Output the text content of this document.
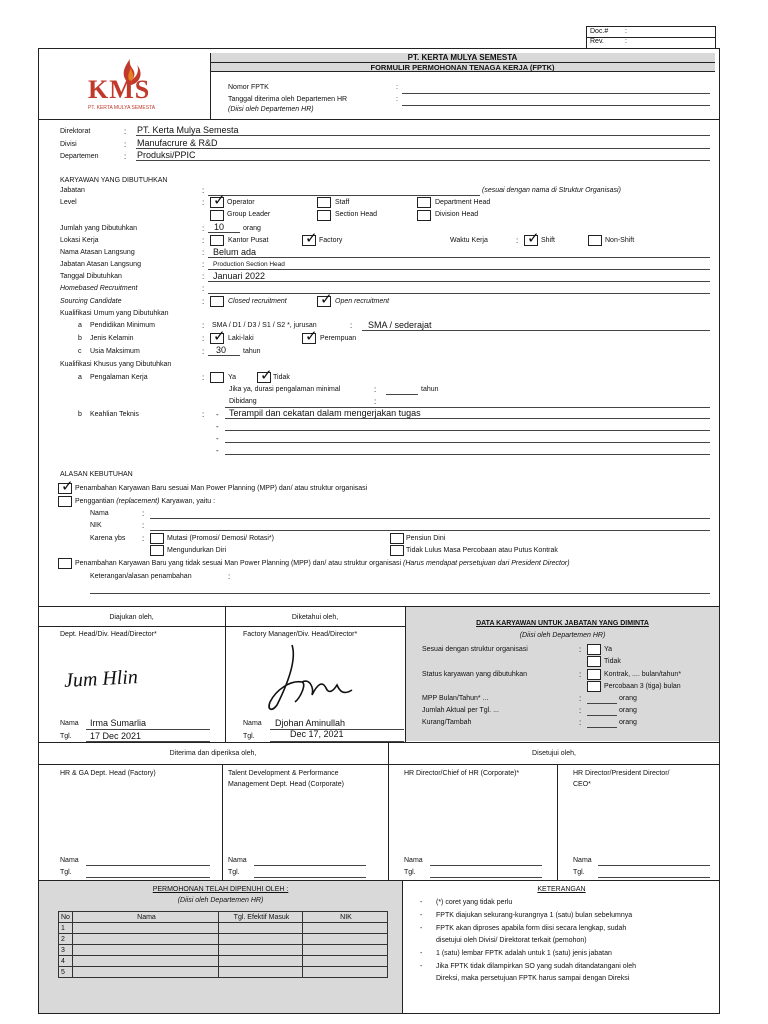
Doc.# :
Rev.	:
PT. KERTA MULYA SEMESTA
FORMULIR PERMOHONAN TENAGA KERJA (FPTK)
KMS
PT. KERTA MULYA SEMESTA
Nomor FPTK	:
Tanggal diterima oleh Departemen HR	:
(Diisi oleh Departemen HR)
Direktorat	: PT. Kerta Mulya Semesta
Divisi	: Manufacrure & R&D
Departemen	: Produksi/PPIC
KARYAWAN YANG DIBUTUHKAN
Jabatan	:	(sesuai dengan nama di Struktur Organisasi)
Level	: ✓ Operator	Staff	Department Head
Group Leader	Section Head	Division Head
Jumlah yang Dibutuhkan	: 10	orang
Lokasi Kerja	:	Kantor Pusat ✓ Factory	Waktu Kerja	: ✓ Shift	Non-Shift
Nama Atasan Langsung	: Belum ada
Jabatan Atasan Langsung	: Production Section Head
Tanggal Dibutuhkan	: Januari 2022
Homebased Recruitment	:
Sourcing Candidate	:	Closed recruitment ✓ Open recruitment
Kualifikasi Umum yang Dibutuhkan
a Pendidikan Minimum	: SMA / D1 / D3 / S1 / S2 *, jurusan	: SMA / sederajat
b Jenis Kelamin	: ✓ Laki-laki	✓ Perempuan
c Usia Maksimum	: 30 tahun
Kualifikasi Khusus yang Dibutuhkan
a Pengalaman Kerja	:	Ya ✓ Tidak
Jika ya, durasi pengalaman minimal	:	tahun
Dibidang	:
b Keahlian Teknis	: - Terampil dan cekatan dalam mengerjakan tugas
-
-
-
ALASAN KEBUTUHAN
✓ Penambahan Karyawan Baru sesuai Man Power Planning (MPP) dan/ atau struktur organisasi
Penggantian (replacement) Karyawan, yaitu :
Nama	:
NIK	:
Karena ybs :	Mutasi (Promosi/ Demosi/ Rotasi*)	Pensiun Dini
Mengundurkan Diri	Tidak Lulus Masa Percobaan atau Putus Kontrak
Penambahan Karyawan Baru yang tidak sesuai Man Power Planning (MPP) dan/ atau struktur organisasi (Harus mendapat persetujuan dari President Director)
Keterangan/alasan penambahan	:
Diajukan oleh,	Diketahui oleh,
Dept. Head/Div. Head/Director*	Factory Manager/Div. Head/Director*
Jum Hlin
Nama Irma Sumarlia
Tgl. 17 Dec 2021
Nama Djohan Aminullah
Tgl.	Dec 17, 2021
DATA KARYAWAN UNTUK JABATAN YANG DIMINTA
(Diisi oleh Departemen HR)
Sesuai dengan struktur organisasi	:	Ya
Tidak
Status karyawan yang dibutuhkan	:	Kontrak, .... bulan/tahun*
Percobaan 3 (tiga) bulan
MPP Bulan/Tahun* ...	:	orang
Jumlah Aktual per Tgl. ...	:	orang
Kurang/Tambah	:	orang
Diterima dan diperiksa oleh,	Disetujui oleh,
HR & GA Dept. Head (Factory)	Talent Development & Performance
Management Dept. Head (Corporate)
HR Director/Chief of HR (Corporate)*	HR Director/President Director/
CEO*
Nama
Tgl.
Nama
Tgl.
Nama
Tgl.
Nama
Tgl.
PERMOHONAN TELAH DIPENUHI OLEH :
(Diisi oleh Departemen HR)
No	Nama	Tgl. Efektif Masuk	NIK
1			
2			
3			
4			
5			
KETERANGAN
- (*) coret yang tidak perlu
- FPTK diajukan sekurang-kurangnya 1 (satu) bulan sebelumnya
- FPTK akan diproses apabila form diisi secara lengkap, sudah
disetujui oleh Divisi/ Direktorat terkait (pemohon)
- 1 (satu) lembar FPTK adalah untuk 1 (satu) jenis jabatan
- Jika FPTK tidak dilampirkan SO yang sudah ditandatangani oleh
Direksi, maka persetujuan FPTK harus sampai dengan Direksi
